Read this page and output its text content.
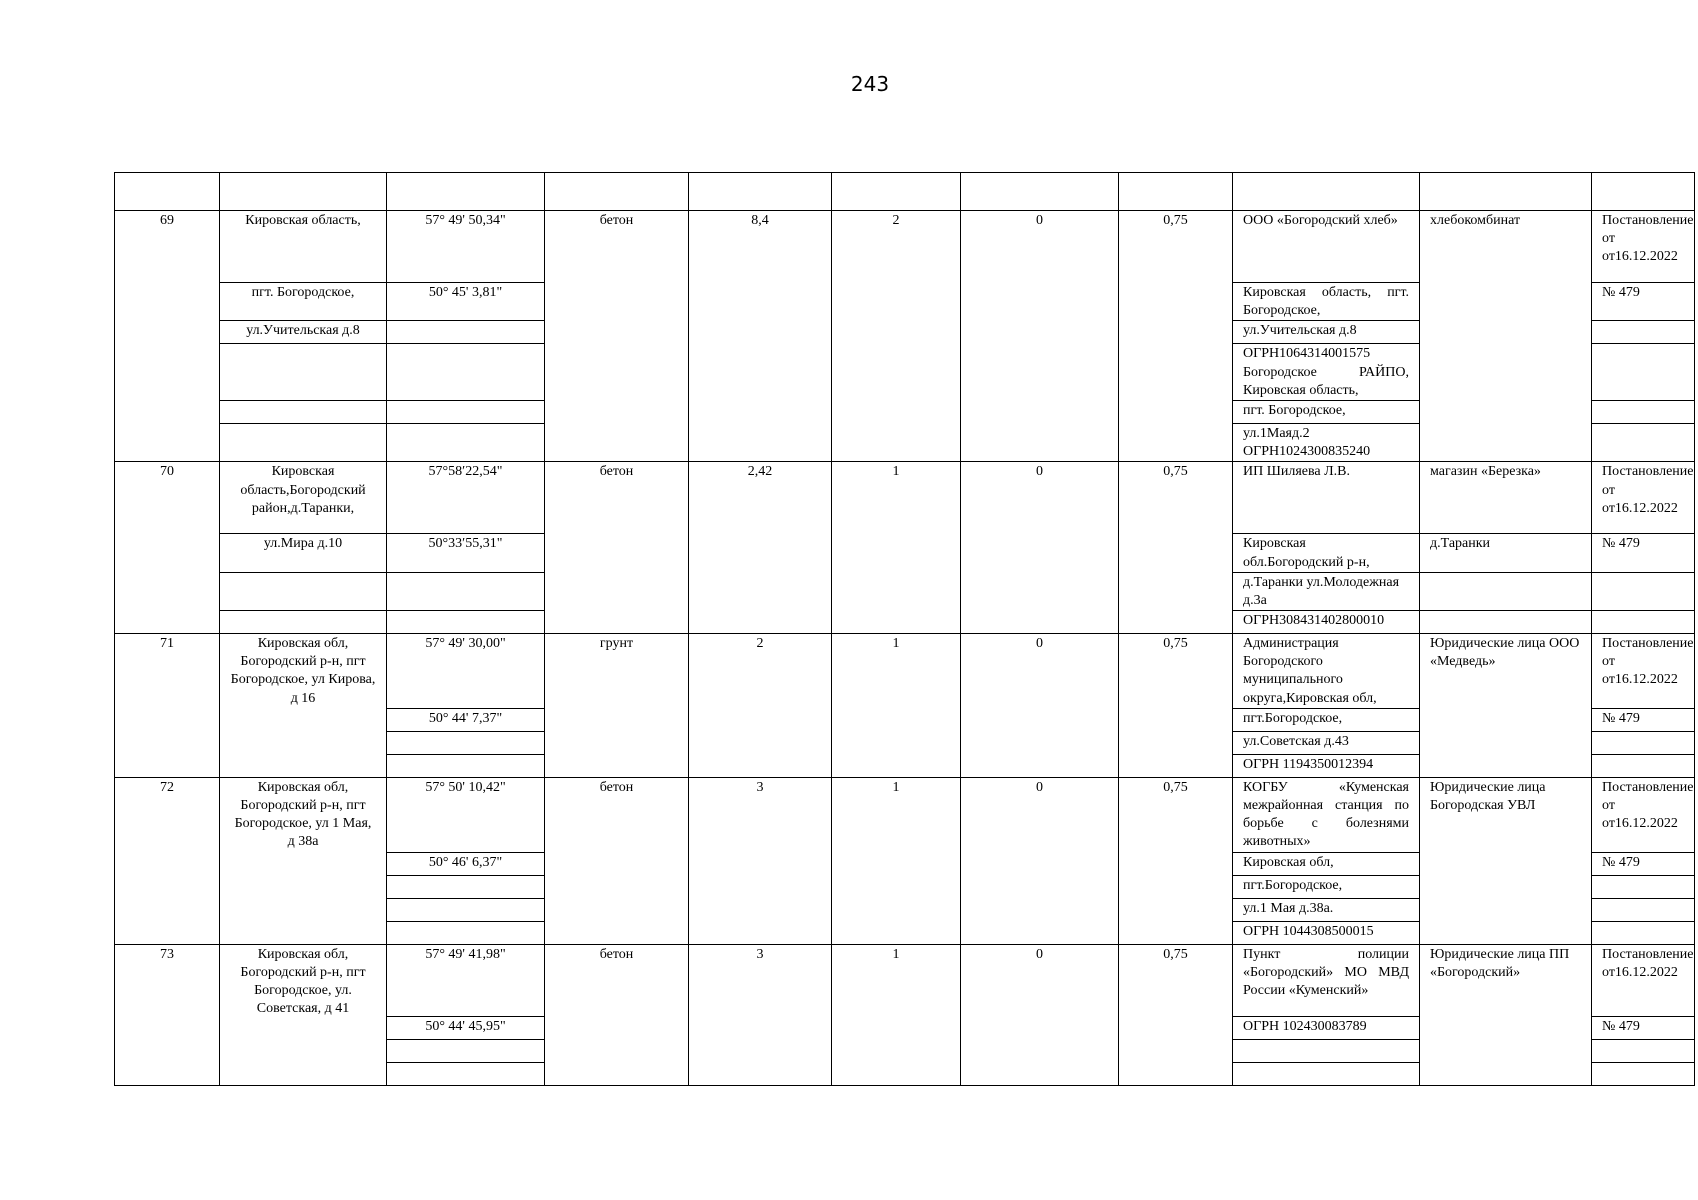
243

69	Кировская область,	57° 49' 50,34"	бетон	8,4	2	0	0,75	ООО «Богородский хлеб»	хлебокомбинат	Постановление от от16.12.2022
	пгт. Богородское,	50° 45' 3,81"						Кировская область, пгт. Богородское,		№ 479
	ул.Учительская д.8							ул.Учительская д.8		
								ОГРН1064314001575 Богородское РАЙПО, Кировская область,		
								пгт. Богородское,		
								ул.1Маяд.2 ОГРН1024300835240		
70	Кировская область,Богородский район,д.Таранки,	57°58′22,54"	бетон	2,42	1	0	0,75	ИП Шиляева Л.В.	магазин «Березка»	Постановление от от16.12.2022
	ул.Мира д.10	50°33′55,31"						Кировская обл.Богородский р-н,	д.Таранки	№ 479
								д.Таранки ул.Молодежная д.3а		
								ОГРН308431402800010		
71	Кировская обл, Богородский р-н, пгт Богородское, ул Кирова, д 16	57° 49' 30,00"	грунт	2	1	0	0,75	Администрация Богородского муниципального округа,Кировская обл,	Юридические лица ООО «Медведь»	Постановление от от16.12.2022
		50° 44' 7,37"						пгт.Богородское,		№ 479
								ул.Советская д.43		
								ОГРН 1194350012394		
72	Кировская обл, Богородский р-н, пгт Богородское, ул 1 Мая, д 38а	57° 50' 10,42"	бетон	3	1	0	0,75	КОГБУ «Куменская межрайонная станция по борьбе с болезнями животных»	Юридические лица Богородская УВЛ	Постановление от от16.12.2022
		50° 46' 6,37"						Кировская обл,		№ 479
								пгт.Богородское,		
								ул.1 Мая д.38а.		
								ОГРН 1044308500015		
73	Кировская обл, Богородский р-н, пгт Богородское, ул. Советская, д 41	57° 49' 41,98"	бетон	3	1	0	0,75	Пункт полиции «Богородский» МО МВД России «Куменский»	Юридические лица ПП «Богородский»	Постановление от16.12.2022
		50° 44' 45,95"						ОГРН 102430083789		№ 479
